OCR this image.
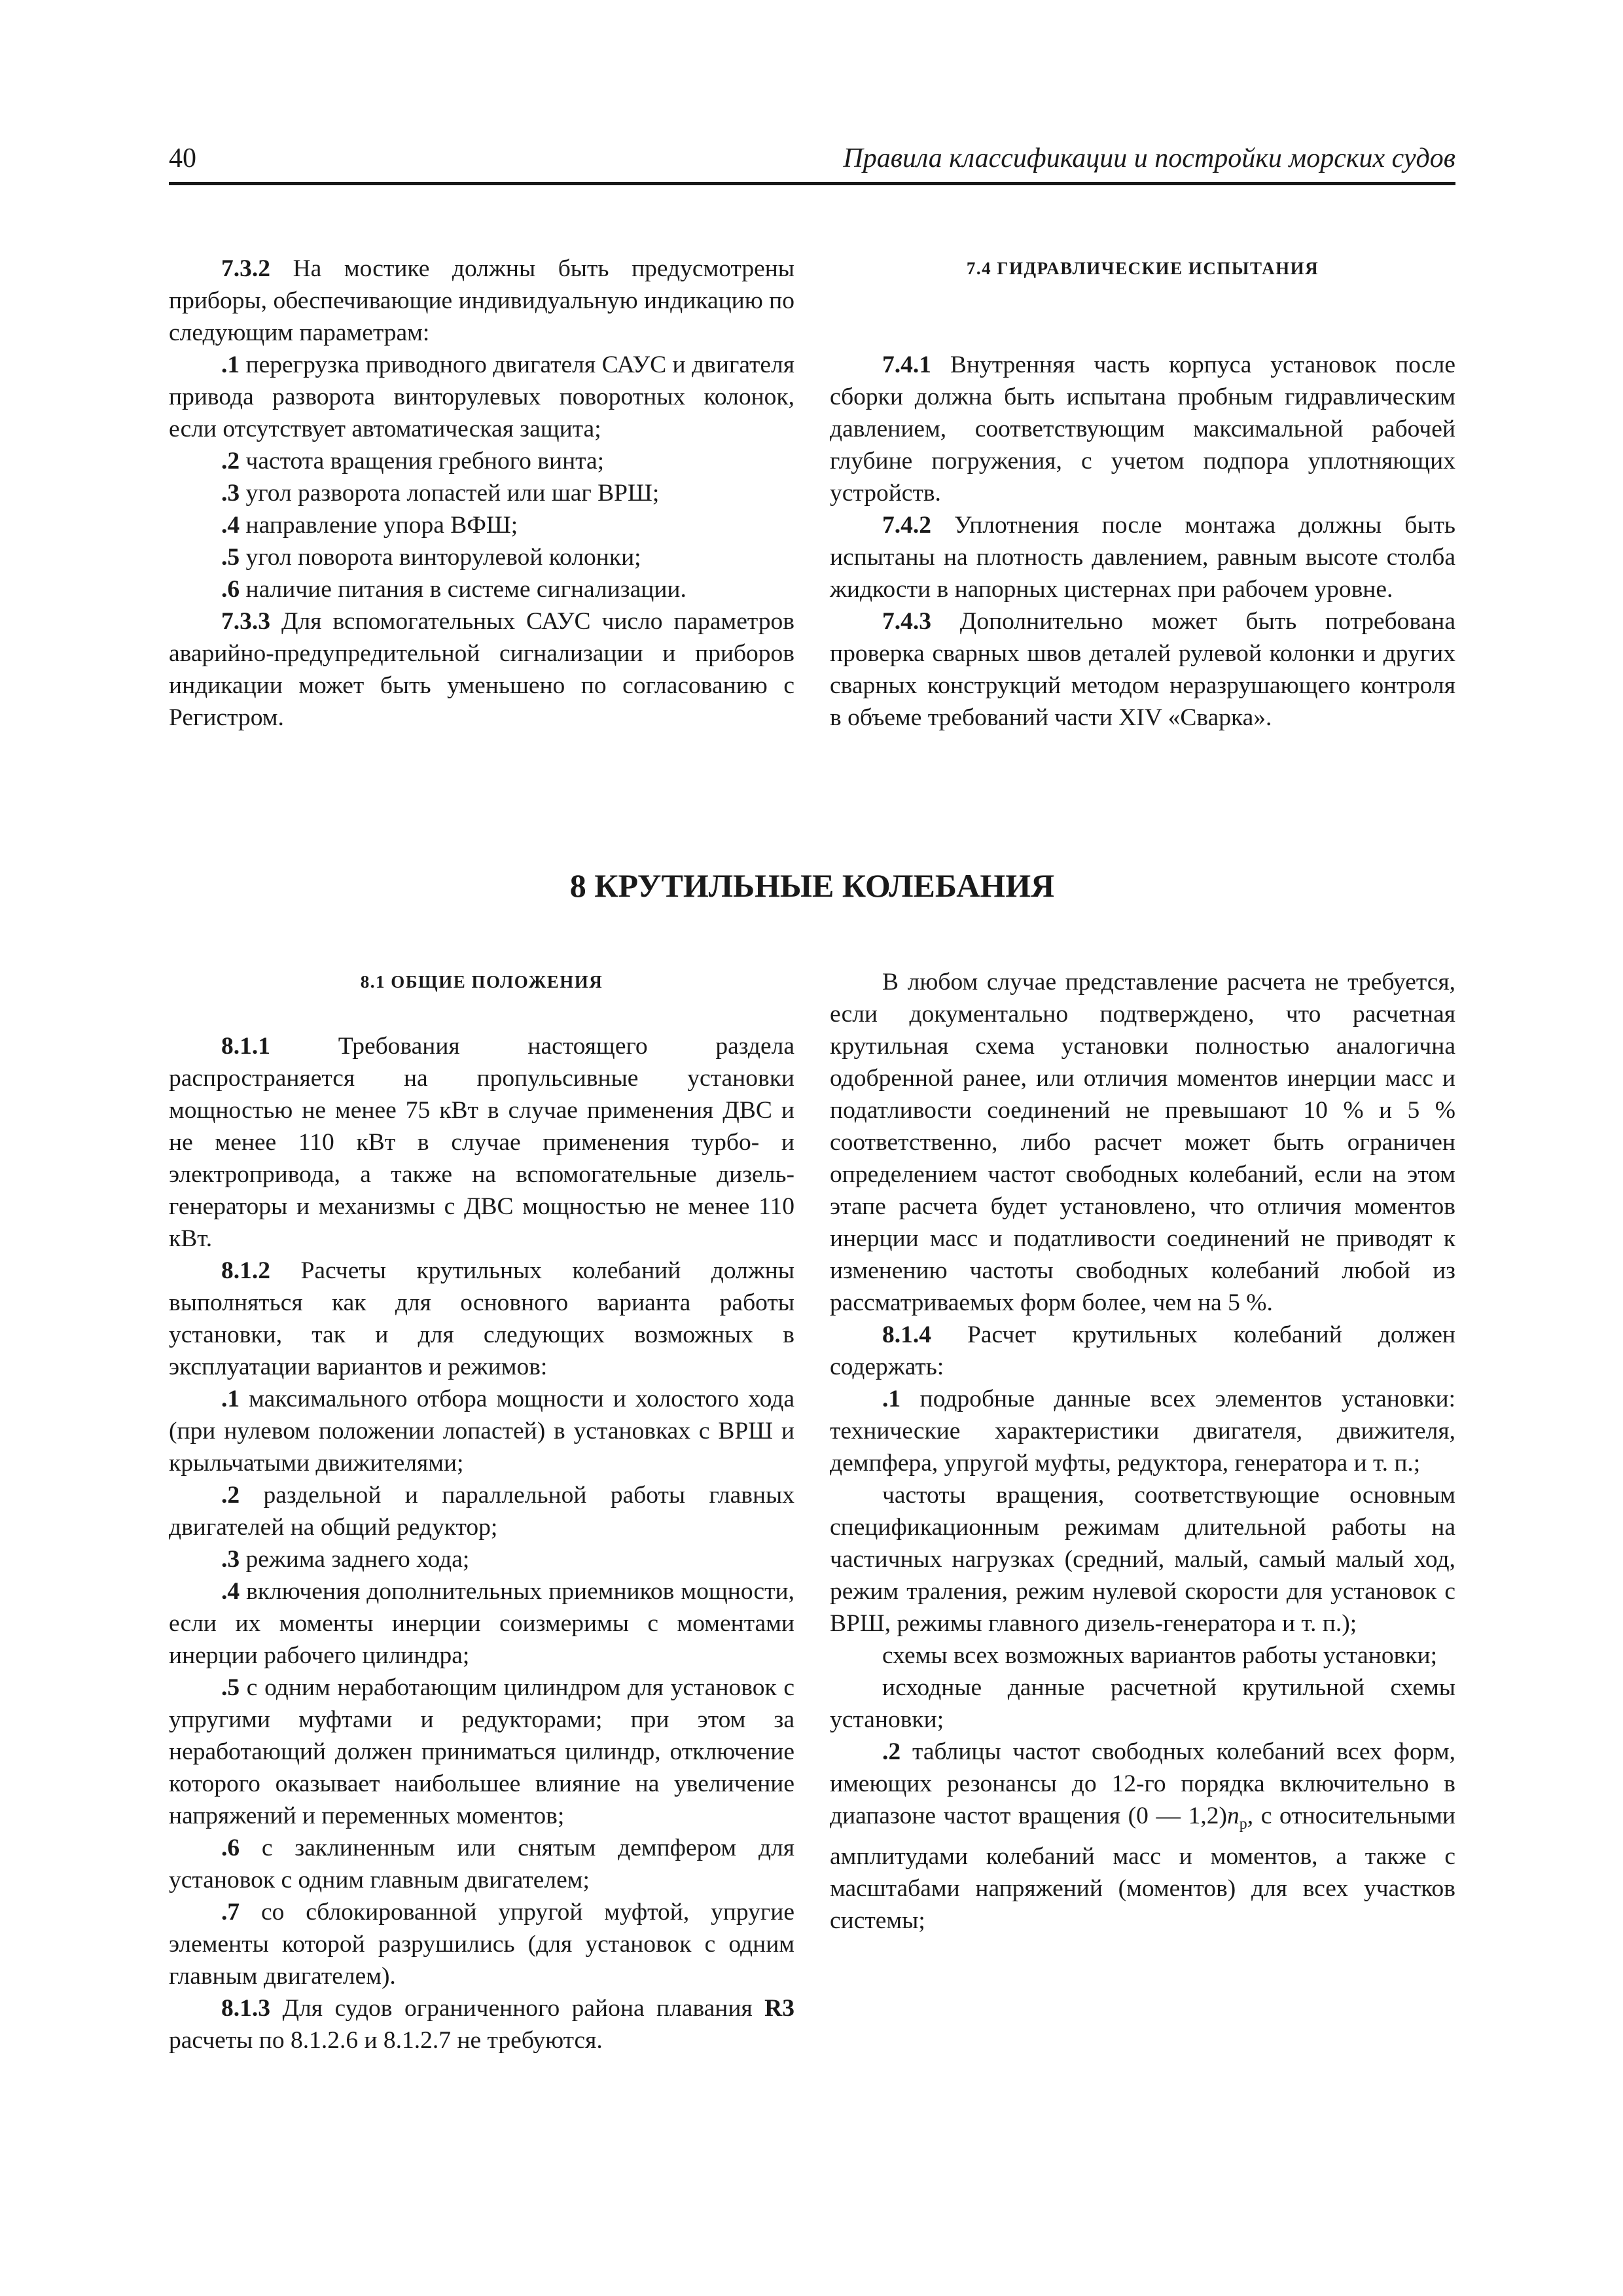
40	Правила классификации и постройки морских судов

7.3.2 На мостике должны быть предусмотрены приборы, обеспечивающие индивидуальную индикацию по следующим параметрам:

.1 перегрузка приводного двигателя САУС и двигателя привода разворота винторулевых поворотных колонок, если отсутствует автоматическая защита;

.2 частота вращения гребного винта;

.3 угол разворота лопастей или шаг ВРШ;

.4 направление упора ВФШ;

.5 угол поворота винторулевой колонки;

.6 наличие питания в системе сигнализации.

7.3.3 Для вспомогательных САУС число параметров аварийно-предупредительной сигнализации и приборов индикации может быть уменьшено по согласованию с Регистром.

7.4 ГИДРАВЛИЧЕСКИЕ ИСПЫТАНИЯ

7.4.1 Внутренняя часть корпуса установок после сборки должна быть испытана пробным гидравлическим давлением, соответствующим максимальной рабочей глубине погружения, с учетом подпора уплотняющих устройств.

7.4.2 Уплотнения после монтажа должны быть испытаны на плотность давлением, равным высоте столба жидкости в напорных цистернах при рабочем уровне.

7.4.3 Дополнительно может быть потребована проверка сварных швов деталей рулевой колонки и других сварных конструкций методом неразрушающего контроля в объеме требований части XIV «Сварка».

8 КРУТИЛЬНЫЕ КОЛЕБАНИЯ
8.1 ОБЩИЕ ПОЛОЖЕНИЯ

8.1.1 Требования настоящего раздела распространяется на пропульсивные установки мощностью не менее 75 кВт в случае применения ДВС и не менее 110 кВт в случае применения турбо- и электропривода, а также на вспомогательные дизель-генераторы и механизмы с ДВС мощностью не менее 110 кВт.

8.1.2 Расчеты крутильных колебаний должны выполняться как для основного варианта работы установки, так и для следующих возможных в эксплуатации вариантов и режимов:

.1 максимального отбора мощности и холостого хода (при нулевом положении лопастей) в установках с ВРШ и крыльчатыми движителями;

.2 раздельной и параллельной работы главных двигателей на общий редуктор;

.3 режима заднего хода;

.4 включения дополнительных приемников мощности, если их моменты инерции соизмеримы с моментами инерции рабочего цилиндра;

.5 с одним неработающим цилиндром для установок с упругими муфтами и редукторами; при этом за неработающий должен приниматься цилиндр, отключение которого оказывает наибольшее влияние на увеличение напряжений и переменных моментов;

.6 с заклиненным или снятым демпфером для установок с одним главным двигателем;

.7 со сблокированной упругой муфтой, упругие элементы которой разрушились (для установок с одним главным двигателем).

8.1.3 Для судов ограниченного района плавания R3 расчеты по 8.1.2.6 и 8.1.2.7 не требуются.

В любом случае представление расчета не требуется, если документально подтверждено, что расчетная крутильная схема установки полностью аналогична одобренной ранее, или отличия моментов инерции масс и податливости соединений не превышают 10 % и 5 % соответственно, либо расчет может быть ограничен определением частот свободных колебаний, если на этом этапе расчета будет установлено, что отличия моментов инерции масс и податливости соединений не приводят к изменению частоты свободных колебаний любой из рассматриваемых форм более, чем на 5 %.

8.1.4 Расчет крутильных колебаний должен содержать:

.1 подробные данные всех элементов установки: технические характеристики двигателя, движителя, демпфера, упругой муфты, редуктора, генератора и т. п.;

частоты вращения, соответствующие основным спецификационным режимам длительной работы на частичных нагрузках (средний, малый, самый малый ход, режим траления, режим нулевой скорости для установок с ВРШ, режимы главного дизель-генератора и т. п.);

схемы всех возможных вариантов работы установки;

исходные данные расчетной крутильной схемы установки;

.2 таблицы частот свободных колебаний всех форм, имеющих резонансы до 12-го порядка включительно в диапазоне частот вращения (0 — $1,2)n_р$, с относительными амплитудами колебаний масс и моментов, а также с масштабами напряжений (моментов) для всех участков системы;
